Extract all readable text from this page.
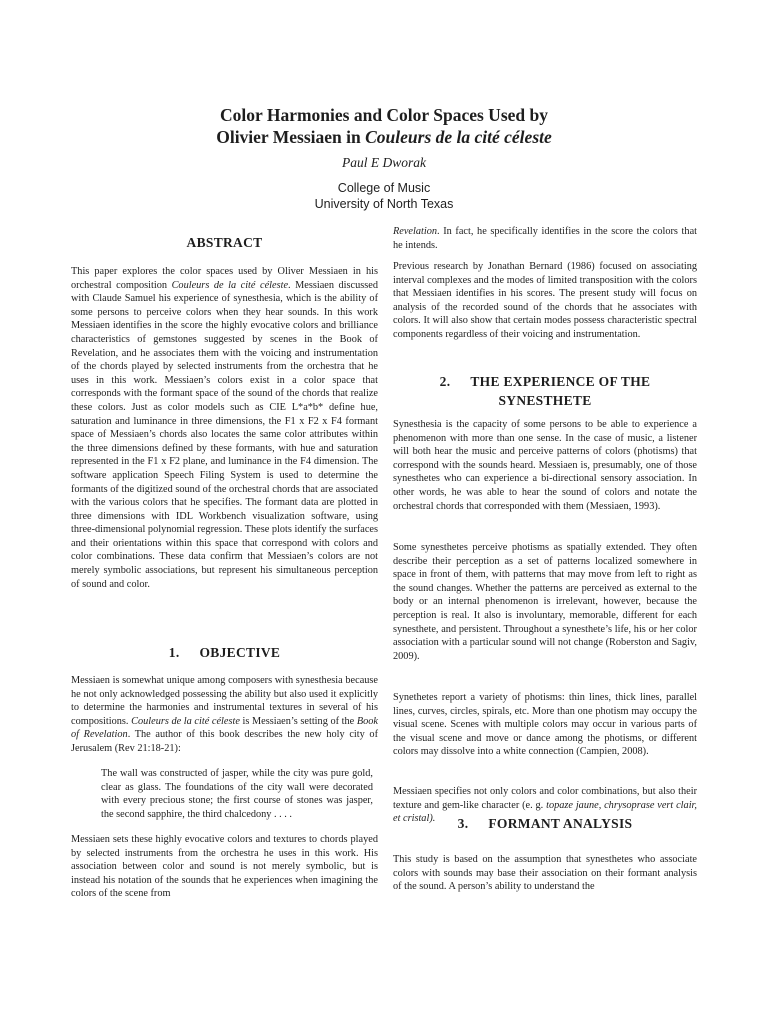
Color Harmonies and Color Spaces Used by
Olivier Messiaen in Couleurs de la cité céleste
Paul E Dworak
College of Music
University of North Texas
ABSTRACT

This paper explores the color spaces used by Oliver Messiaen in his orchestral composition Couleurs de la cité céleste. Messiaen discussed with Claude Samuel his experience of synesthesia, which is the ability of some persons to perceive colors when they hear sounds. In this work Messiaen identifies in the score the highly evocative colors and brilliance characteristics of gemstones suggested by scenes in the Book of Revelation, and he associates them with the voicing and instrumentation of the chords played by selected instruments from the orchestra that he uses in this work. Messiaen’s colors exist in a color space that corresponds with the formant space of the sound of the chords that realize these colors. Just as color models such as CIE L*a*b* define hue, saturation and luminance in three dimensions, the F1 x F2 x F4 formant space of Messiaen’s chords also locates the same color attributes within the three dimensions defined by these formants, with hue and saturation represented in the F1 x F2 plane, and luminance in the F4 dimension. The software application Speech Filing System is used to determine the formants of the digitized sound of the orchestral chords that are associated with the various colors that he specifies. The formant data are plotted in three dimensions with IDL Workbench visualization software, using three-dimensional polynomial regression. These plots identify the surfaces and their orientations within this space that correspond with colors and color combinations. These data confirm that Messiaen’s colors are not merely symbolic associations, but represent his simultaneous perception of sound and color.

1. OBJECTIVE

Messiaen is somewhat unique among composers with synesthesia because he not only acknowledged possessing the ability but also used it explicitly to determine the harmonies and instrumental textures in several of his compositions. Couleurs de la cité céleste is Messiaen’s setting of the Book of Revelation. The author of this book describes the new holy city of Jerusalem (Rev 21:18-21):

The wall was constructed of jasper, while the city was pure gold, clear as glass. The foundations of the city wall were decorated with every precious stone; the first course of stones was jasper, the second sapphire, the third chalcedony . . . .

Messiaen sets these highly evocative colors and textures to chords played by selected instruments from the orchestra he uses in this work. His association between color and sound is not merely symbolic, but is instead his notation of the sounds that he experiences when imagining the colors of the scene from

Revelation. In fact, he specifically identifies in the score the colors that he intends.

Previous research by Jonathan Bernard (1986) focused on associating interval complexes and the modes of limited transposition with the colors that Messiaen identifies in his scores. The present study will focus on analysis of the recorded sound of the chords that he associates with colors. It will also show that certain modes possess characteristic spectral components regardless of their voicing and instrumentation.

2. THE EXPERIENCE OF THE
SYNESTHETE

Synesthesia is the capacity of some persons to be able to experience a phenomenon with more than one sense. In the case of music, a listener will both hear the music and perceive patterns of colors (photisms) that correspond with the sounds heard. Messiaen is, presumably, one of those synesthetes who can experience a bi-directional sensory association. In other words, he was able to hear the sound of colors and notate the orchestral chords that corresponded with them (Messiaen, 1993).

Some synesthetes perceive photisms as spatially extended. They often describe their perception as a set of patterns localized somewhere in space in front of them, with patterns that may move from left to right as the sound changes. Whether the patterns are perceived as external to the body or an internal phenomenon is irrelevant, however, because the perception is real. It also is involuntary, memorable, different for each synesthete, and persistent. Throughout a synesthete’s life, his or her color association with a particular sound will not change (Roberston and Sagiv, 2009).

Synethetes report a variety of photisms: thin lines, thick lines, parallel lines, curves, circles, spirals, etc. More than one photism may occupy the visual scene. Scenes with multiple colors may occur in various parts of the visual scene and move or dance among the photisms, or different colors may dissolve into a white connection (Campien, 2008).

Messiaen specifies not only colors and color combinations, but also their texture and gem-like character (e. g. topaze jaune, chrysoprase vert clair, et cristal).	3. FORMANT ANALYSIS

This study is based on the assumption that synesthetes who associate colors with sounds may base their association on their formant analysis of the sound. A person’s ability to understand the
